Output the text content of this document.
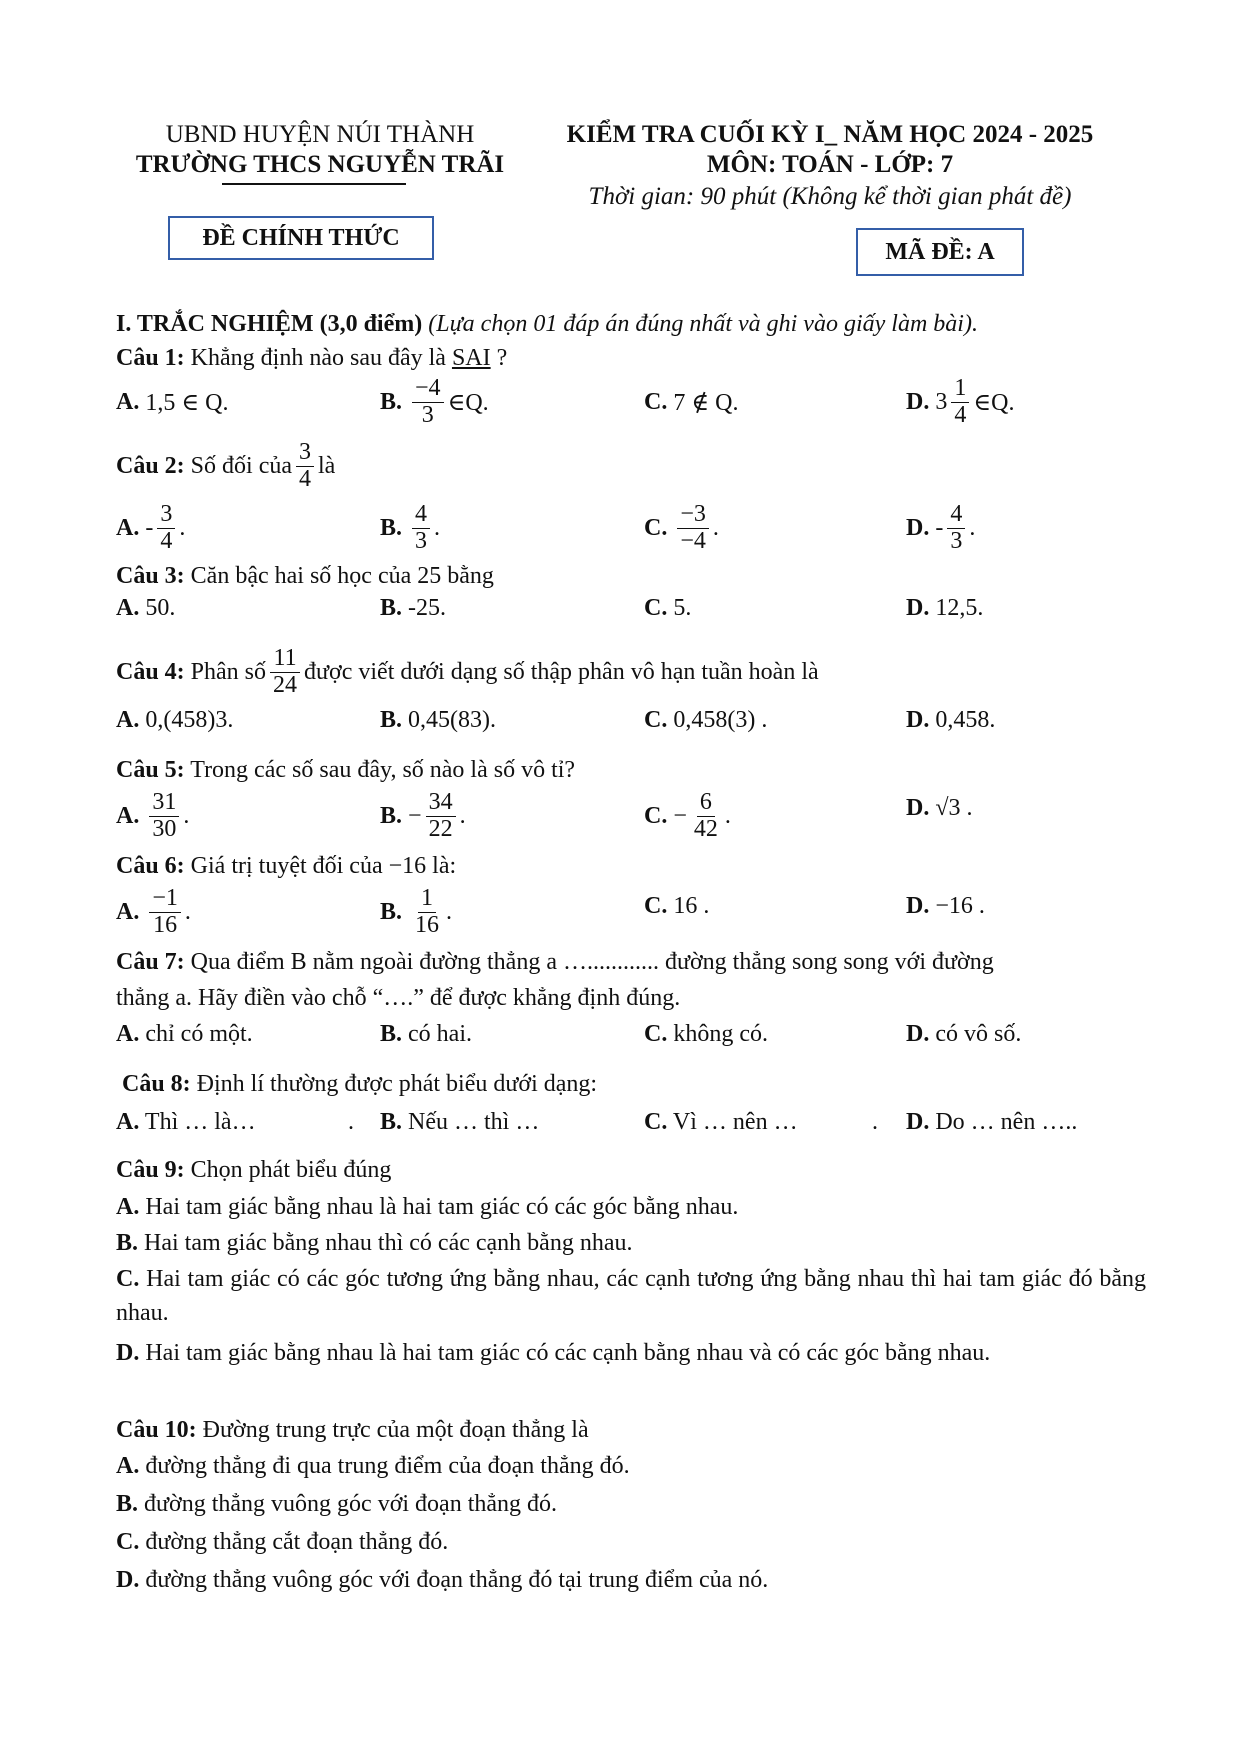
UBND HUYỆN NÚI THÀNH
TRƯỜNG THCS NGUYỄN TRÃI
KIỂM TRA CUỐI KỲ I_ NĂM HỌC 2024 - 2025
MÔN: TOÁN - LỚP: 7
Thời gian: 90 phút (Không kể thời gian phát đề)
ĐỀ CHÍNH THỨC
MÃ ĐỀ: A
I. TRẮC NGHIỆM (3,0 điểm) (Lựa chọn 01 đáp án đúng nhất và ghi vào giấy làm bài).
Câu 1: Khẳng định nào sau đây là SAI ?
A. 1,5 ∈ Q.	B. $\frac{-4}{3}$ ∈Q.	C. 7 ∉ Q.	D. $3 \frac{1}{4}$ ∈Q.
Câu 2:
Số đối của $\frac{3}{4}$ là
A. - $\frac{3}{4}$ .	B. $\frac{4}{3}$ .	C. $\frac{-3}{-4}$ .	D. - $\frac{4}{3}$ .
Câu 3: Căn bậc hai số học của 25 bằng
A. 50.	B. -25.	C. 5.	D. 12,5.
Câu 4:
Phân số $\frac{11}{24}$ được viết dưới dạng số thập phân vô hạn tuần hoàn là
A. 0,(458)3.	B. 0,45(83).	C. 0,458(3) .	D. 0,458.
Câu 5: Trong các số sau đây, số nào là số vô tỉ?
A. $\frac{31}{30}$ .	B. − $\frac{34}{22}$ .	C. − $\frac{6}{42}$ .	D. √3 .
Câu 6: Giá trị tuyệt đối của −16 là:
A. $\frac{-1}{16}$ .	B. $\frac{1}{16}$ .	C. 16 .	D. −16 .
Câu 7: Qua điểm B nằm ngoài đường thẳng a …............ đường thẳng song song với đường
thẳng a. Hãy điền vào chỗ “….” để được khẳng định đúng.
A. chỉ có một.	B. có hai.	C. không có.	D. có vô số.
Câu 8: Định lí thường được phát biểu dưới dạng:
A. Thì … là…	. B. Nếu … thì …	C. Vì … nên …	. D. Do … nên …..
Câu 9: Chọn phát biểu đúng
A. Hai tam giác bằng nhau là hai tam giác có các góc bằng nhau.
B. Hai tam giác bằng nhau thì có các cạnh bằng nhau.
C. Hai tam giác có các góc tương ứng bằng nhau, các cạnh tương ứng bằng nhau thì hai tam giác đó bằng nhau.
D. Hai tam giác bằng nhau là hai tam giác có các cạnh bằng nhau và có các góc bằng nhau.
Câu 10: Đường trung trực của một đoạn thẳng là
A. đường thẳng đi qua trung điểm của đoạn thẳng đó.
B. đường thẳng vuông góc với đoạn thẳng đó.
C. đường thẳng cắt đoạn thẳng đó.
D. đường thẳng vuông góc với đoạn thẳng đó tại trung điểm của nó.
